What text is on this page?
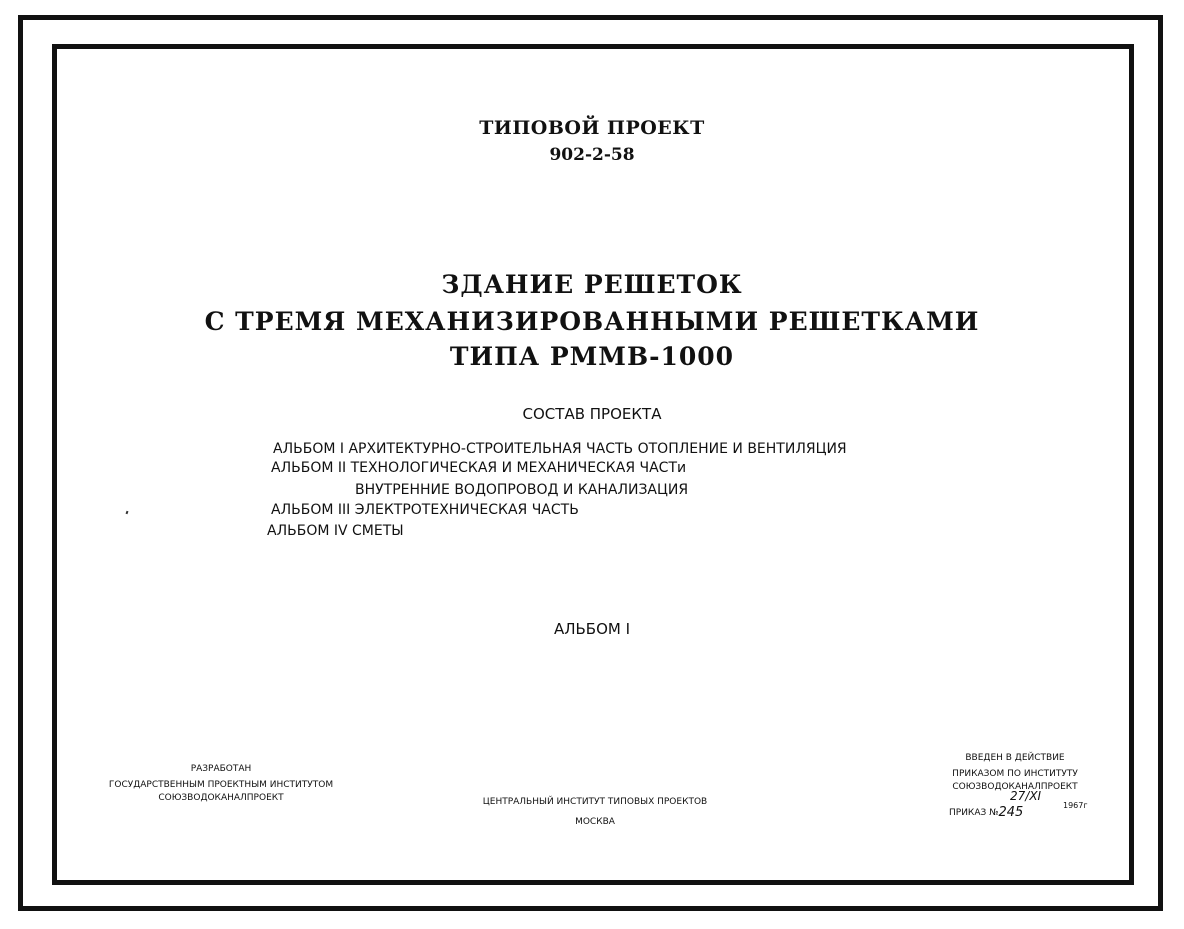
ТИПОВОЙ ПРОЕКТ
902-2-58
ЗДАНИЕ РЕШЕТОК
С ТРЕМЯ МЕХАНИЗИРОВАННЫМИ РЕШЕТКАМИ
ТИПА РММВ-1000
СОСТАВ ПРОЕКТА
АЛЬБОМ I АРХИТЕКТУРНО-СТРОИТЕЛЬНАЯ ЧАСТЬ ОТОПЛЕНИЕ И ВЕНТИЛЯЦИЯ
АЛЬБОМ II ТЕХНОЛОГИЧЕСКАЯ И МЕХАНИЧЕСКАЯ ЧАСТи
ВНУТРЕННИЕ ВОДОПРОВОД И КАНАЛИЗАЦИЯ
АЛЬБОМ III ЭЛЕКТРОТЕХНИЧЕСКАЯ ЧАСТЬ
АЛЬБОМ IV СМЕТЫ
АЛЬБОМ I
РАЗРАБОТАН
ГОСУДАРСТВЕННЫМ ПРОЕКТНЫМ ИНСТИТУТОМ
СОЮЗВОДОКАНАЛПРОЕКТ	ЦЕНТРАЛЬНЫЙ ИНСТИТУТ ТИПОВЫХ ПРОЕКТОВ
МОСКВА
ВВЕДЕН В ДЕЙСТВИЕ
ПРИКАЗОМ ПО ИНСТИТУТУ
СОЮЗВОДОКАНАЛПРОЕКТ
27/XI
ПРИКАЗ №245	1967г
